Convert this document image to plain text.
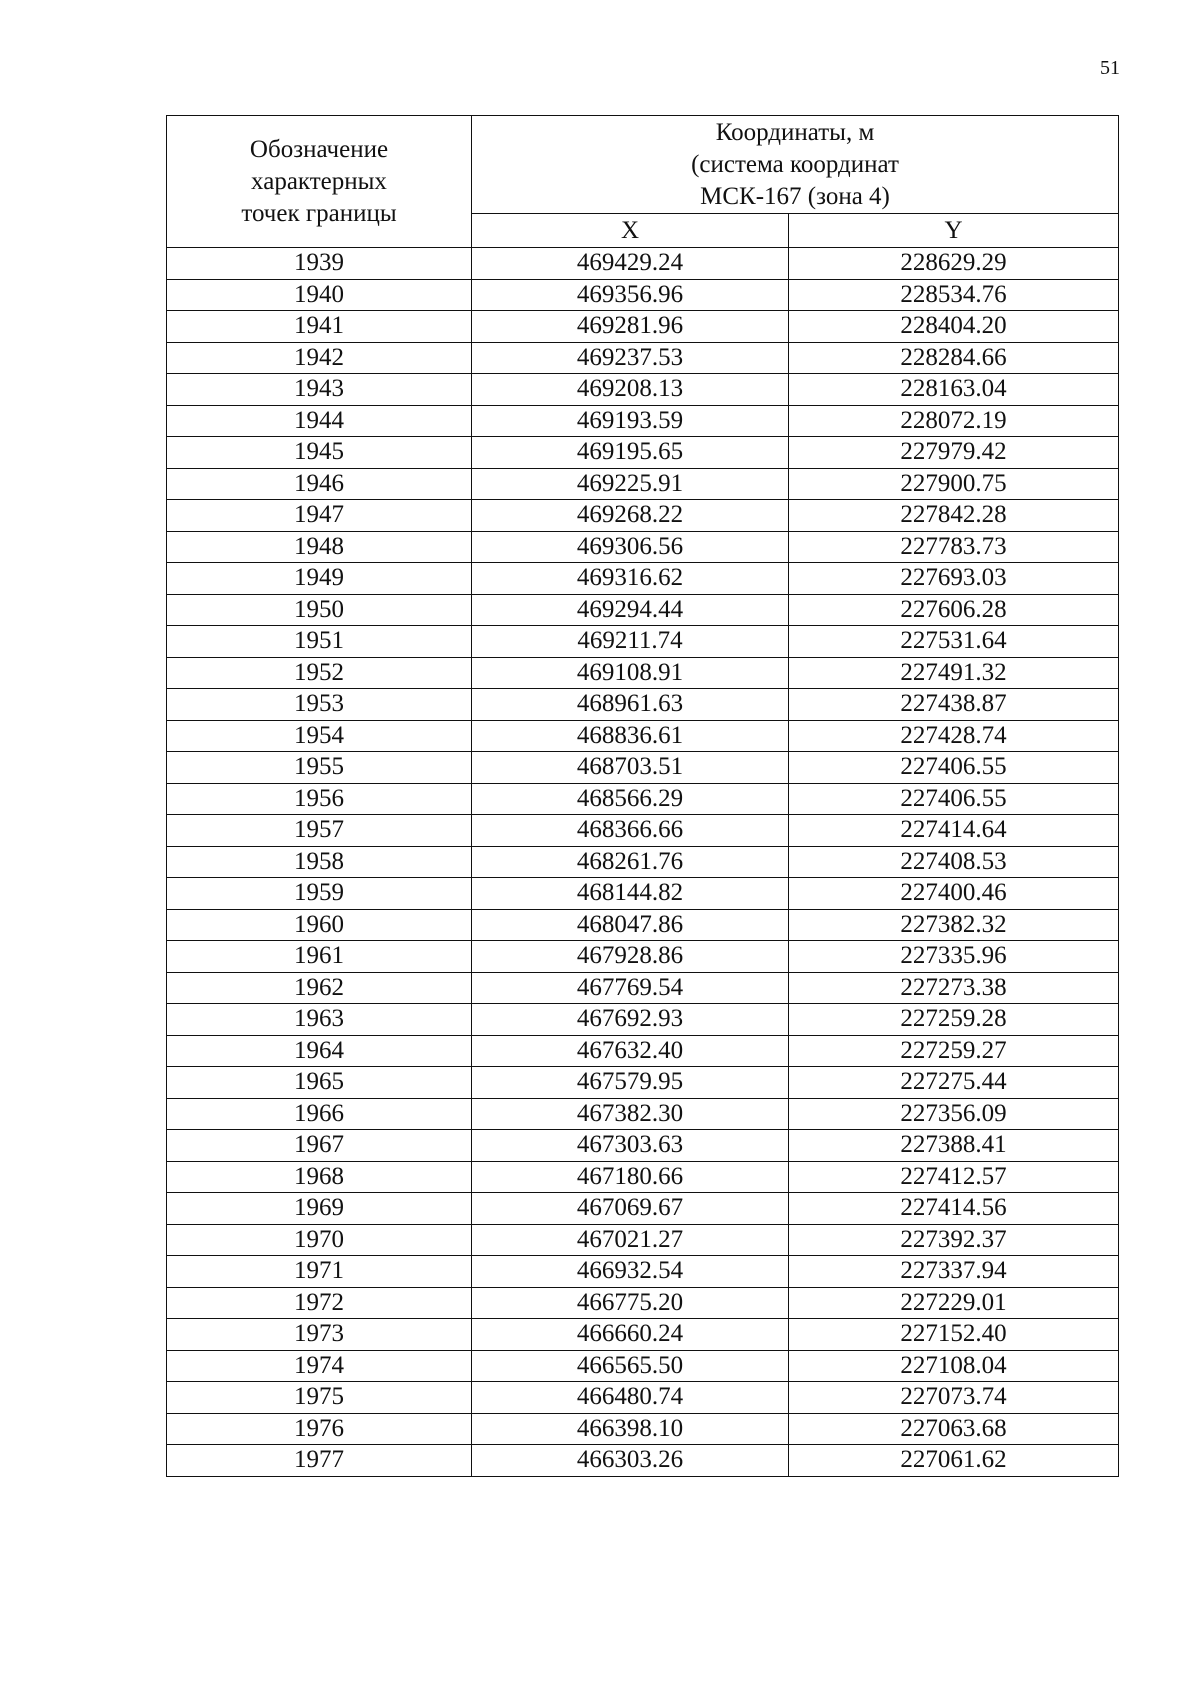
51
Обозначение
характерных
точек границы	Координаты, м
(система координат
МСК-167 (зона 4)	

	X	Y
1939	469429.24	228629.29
1940	469356.96	228534.76
1941	469281.96	228404.20
1942	469237.53	228284.66
1943	469208.13	228163.04
1944	469193.59	228072.19
1945	469195.65	227979.42
1946	469225.91	227900.75
1947	469268.22	227842.28
1948	469306.56	227783.73
1949	469316.62	227693.03
1950	469294.44	227606.28
1951	469211.74	227531.64
1952	469108.91	227491.32
1953	468961.63	227438.87
1954	468836.61	227428.74
1955	468703.51	227406.55
1956	468566.29	227406.55
1957	468366.66	227414.64
1958	468261.76	227408.53
1959	468144.82	227400.46
1960	468047.86	227382.32
1961	467928.86	227335.96
1962	467769.54	227273.38
1963	467692.93	227259.28
1964	467632.40	227259.27
1965	467579.95	227275.44
1966	467382.30	227356.09
1967	467303.63	227388.41
1968	467180.66	227412.57
1969	467069.67	227414.56
1970	467021.27	227392.37
1971	466932.54	227337.94
1972	466775.20	227229.01
1973	466660.24	227152.40
1974	466565.50	227108.04
1975	466480.74	227073.74
1976	466398.10	227063.68
1977	466303.26	227061.62
